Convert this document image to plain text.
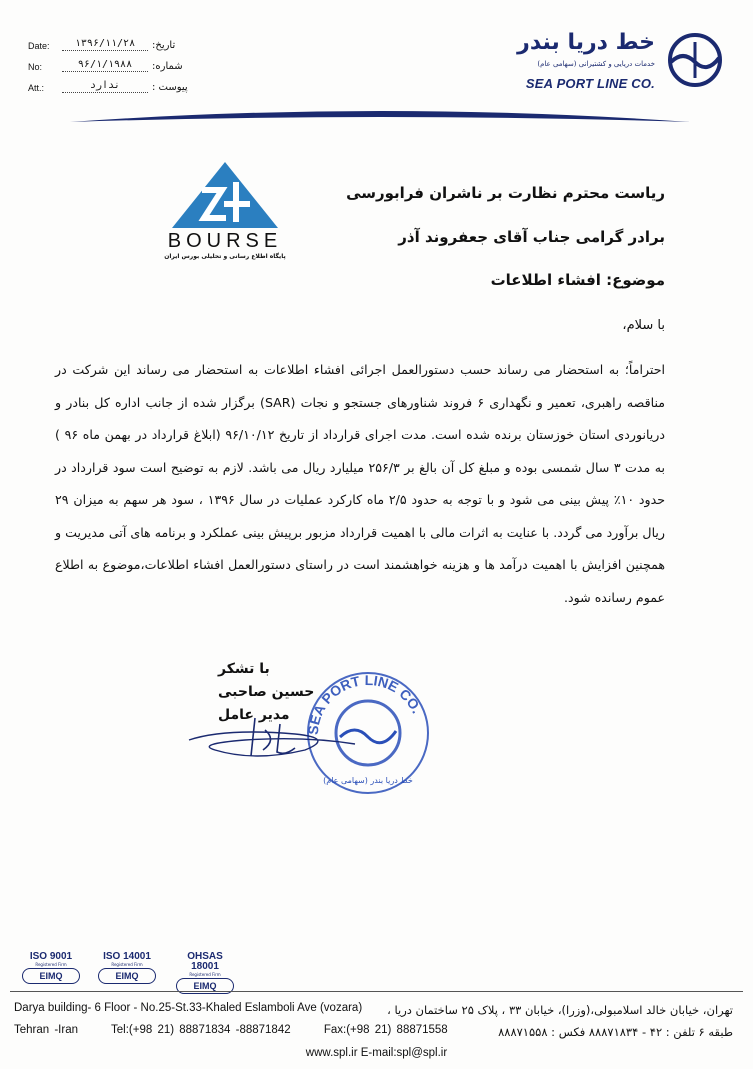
Date:	۱۳۹۶/۱۱/۲۸	تاریخ:
No:	۹۶/۱/۱۹۸۸	شماره:
Att.:	ندارد	پیوست :
خط دریا بندر
خدمات دریایی و کشتیرانی (سهامی عام)
SEA PORT LINE CO.
BOURSE
پایگاه اطلاع رسانی و تحلیلی بورس ایران
ریاست محترم نظارت بر ناشران فرابورسی
برادر گرامی جناب آقای جعفروند آذر
موضوع: افشاء اطلاعات
با سلام،
احتراماً؛ به استحضار می رساند حسب دستورالعمل اجرائی افشاء اطلاعات به استحضار می رساند این شرکت در مناقصه راهبری، تعمیر و نگهداری ۶ فروند شناورهای جستجو و نجات (SAR) برگزار شده از جانب اداره کل بنادر و دریانوردی استان خوزستان برنده شده است. مدت اجرای قرارداد از تاریخ ۹۶/۱۰/۱۲ (ابلاغ قرارداد در بهمن ماه ۹۶ ) به مدت ۳ سال شمسی بوده و مبلغ کل آن بالغ بر ۲۵۶/۳ میلیارد ریال می باشد. لازم به توضیح است سود قرارداد در حدود ۱۰٪ پیش بینی می شود و با توجه به حدود ۲/۵ ماه کارکرد عملیات در سال ۱۳۹۶ ، سود هر سهم به میزان ۲۹ ریال برآورد می گردد. با عنایت به اثرات مالی با اهمیت قرارداد مزبور برپیش بینی عملکرد و برنامه های آتی مدیریت و همچنین افزایش با اهمیت درآمد ها و هزینه خواهشمند است در راستای دستورالعمل افشاء اطلاعات،موضوع به اطلاع عموم رسانده شود.
با تشکر
حسین صاحبی
مدیر عامل
SEA PORT LINE CO.
خط دریا بندر (سهامی عام)
ISO 9001
Registered Firm
EIMQ
ISO 14001
Registered Firm
EIMQ
OHSAS 18001
Registered Firm
EIMQ
Darya building- 6 Floor - No.25-St.33-Khaled Eslamboli Ave (vozara)
Tehran -Iran	Tel:(+98 21) 88871834 -88871842	Fax:(+98 21) 88871558
تهران، خیابان خالد اسلامبولی،(وزرا)، خیابان ۳۳ ، پلاک ۲۵ ساختمان دریا ،
طبقه ۶ تلفن : ۴۲ - ۸۸۸۷۱۸۳۴ فکس : ۸۸۸۷۱۵۵۸
www.spl.ir E-mail:spl@spl.ir
